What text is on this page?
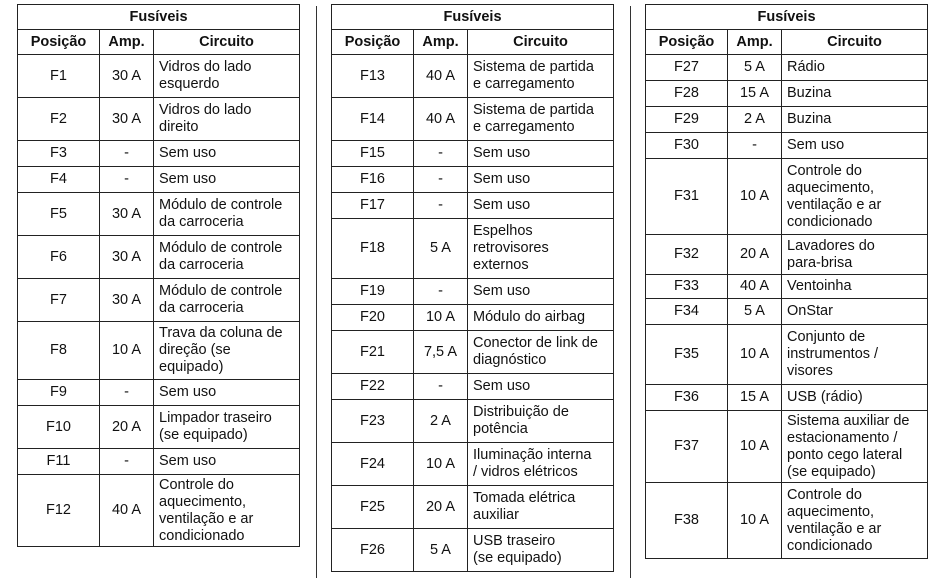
Fusíveis		
Posição	Amp.	Circuito
F1	30 A	Vidros do lado
esquerdo

F2	30 A	Vidros do lado
direito

F3	-	Sem uso

F4	-	Sem uso

F5	30 A	Módulo de controle
da carroceria

F6	30 A	Módulo de controle
da carroceria

F7	30 A	Módulo de controle
da carroceria

F8	10 A	Trava da coluna de
direção (se
equipado)

F9	-	Sem uso

F10	20 A	Limpador traseiro
(se equipado)

F11	-	Sem uso

F12	40 A	Controle do
aquecimento,
ventilação e ar
condicionado
Fusíveis		
Posição	Amp.	Circuito
F13	40 A	Sistema de partida
e carregamento

F14	40 A	Sistema de partida
e carregamento

F15	-	Sem uso

F16	-	Sem uso

F17	-	Sem uso

F18	5 A	Espelhos
retrovisores
externos

F19	-	Sem uso

F20	10 A	Módulo do airbag

F21	7,5 A	Conector de link de
diagnóstico

F22	-	Sem uso

F23	2 A	Distribuição de
potência

F24	10 A	Iluminação interna
/ vidros elétricos

F25	20 A	Tomada elétrica
auxiliar

F26	5 A	USB traseiro
(se equipado)
Fusíveis		
Posição	Amp.	Circuito
F27	5 A	Rádio

F28	15 A	Buzina

F29	2 A	Buzina

F30	-	Sem uso

F31	10 A	Controle do
aquecimento,
ventilação e ar
condicionado

F32	20 A	Lavadores do
para-brisa

F33	40 A	Ventoinha

F34	5 A	OnStar

F35	10 A	Conjunto de
instrumentos /
visores

F36	15 A	USB (rádio)

F37	10 A	Sistema auxiliar de
estacionamento /
ponto cego lateral
(se equipado)

F38	10 A	Controle do
aquecimento,
ventilação e ar
condicionado
